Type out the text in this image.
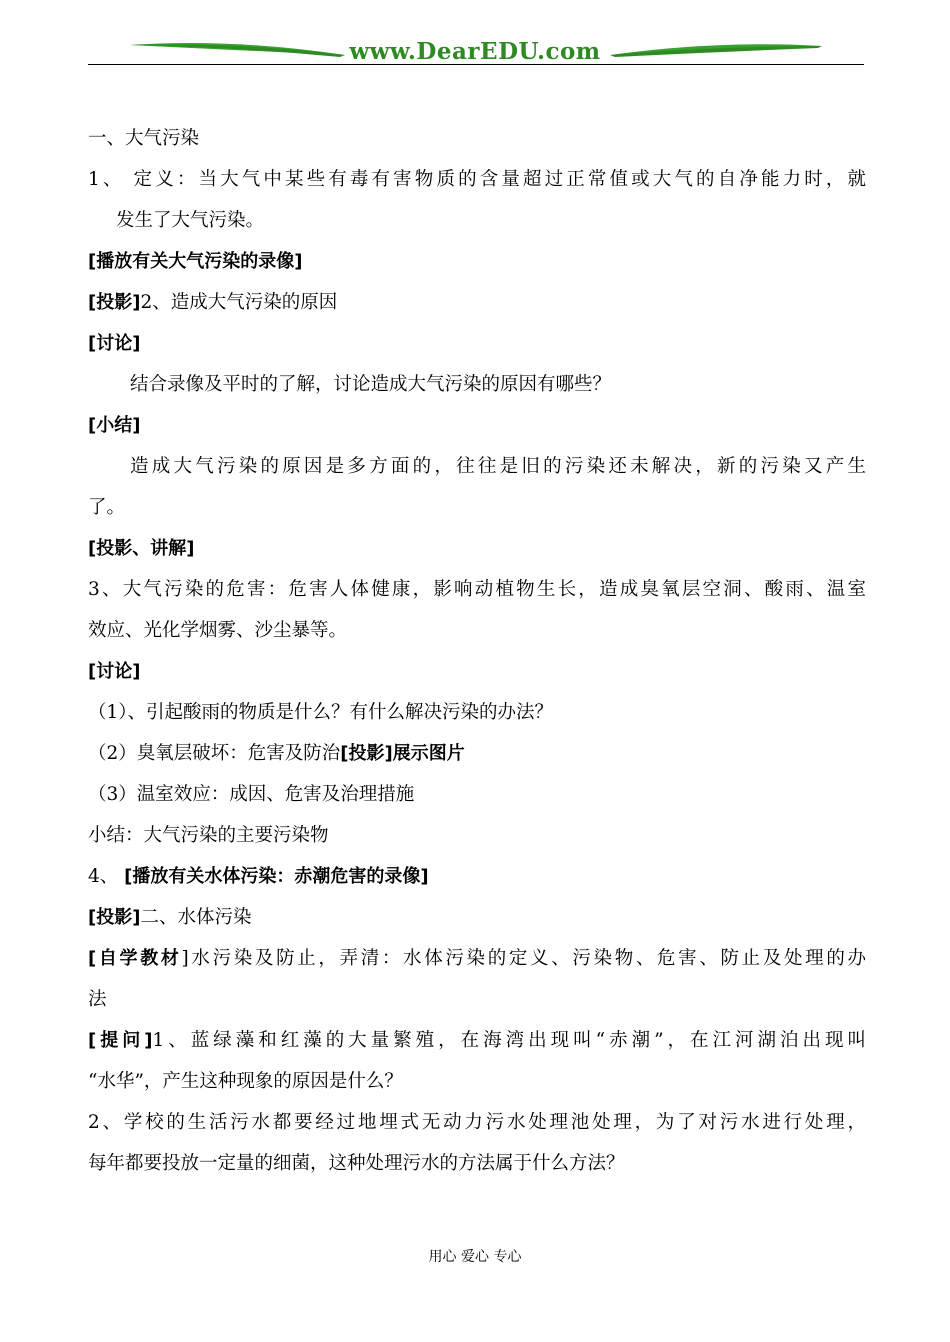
www.DearEDU.com
一、大气污染
1、 定义：当大气中某些有毒有害物质的含量超过正常值或大气的自净能力时，就
发生了大气污染。
[播放有关大气污染的录像]
[投影]2、造成大气污染的原因
[讨论]
结合录像及平时的了解，讨论造成大气污染的原因有哪些？
[小结]
造成大气污染的原因是多方面的，往往是旧的污染还未解决，新的污染又产生
了。
[投影、讲解]
3、大气污染的危害：危害人体健康，影响动植物生长，造成臭氧层空洞、酸雨、温室
效应、光化学烟雾、沙尘暴等。
[讨论]
（1）、引起酸雨的物质是什么？有什么解决污染的办法？
（2）臭氧层破坏：危害及防治[投影]展示图片
（3）温室效应：成因、危害及治理措施
小结：大气污染的主要污染物
4、 [播放有关水体污染：赤潮危害的录像]
[投影]二、水体污染
[自学教材]水污染及防止，弄清：水体污染的定义、污染物、危害、防止及处理的办
法
[提问]1、蓝绿藻和红藻的大量繁殖，在海湾出现叫“赤潮”，在江河湖泊出现叫
“水华”，产生这种现象的原因是什么？
2、学校的生活污水都要经过地埋式无动力污水处理池处理，为了对污水进行处理，
每年都要投放一定量的细菌，这种处理污水的方法属于什么方法？
用心 爱心 专心
